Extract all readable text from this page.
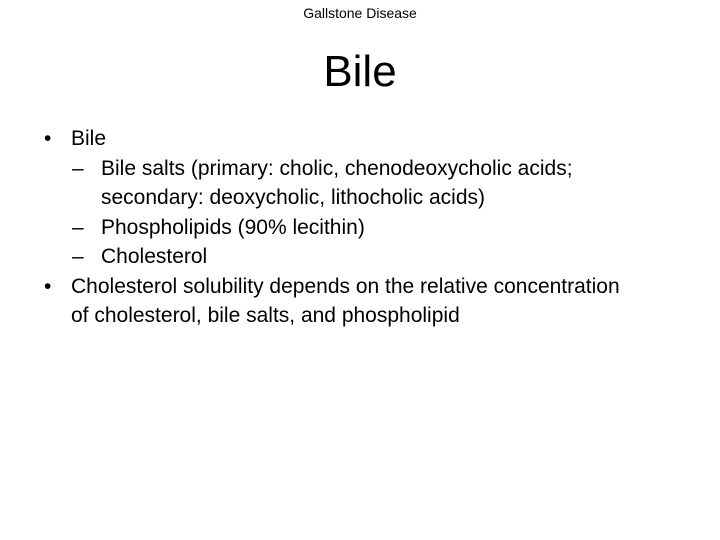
Gallstone Disease
Bile
• Bile
– Bile salts (primary: cholic, chenodeoxycholic acids; secondary: deoxycholic, lithocholic acids)
– Phospholipids (90% lecithin)
– Cholesterol
• Cholesterol solubility depends on the relative concentration of cholesterol, bile salts, and phospholipid
